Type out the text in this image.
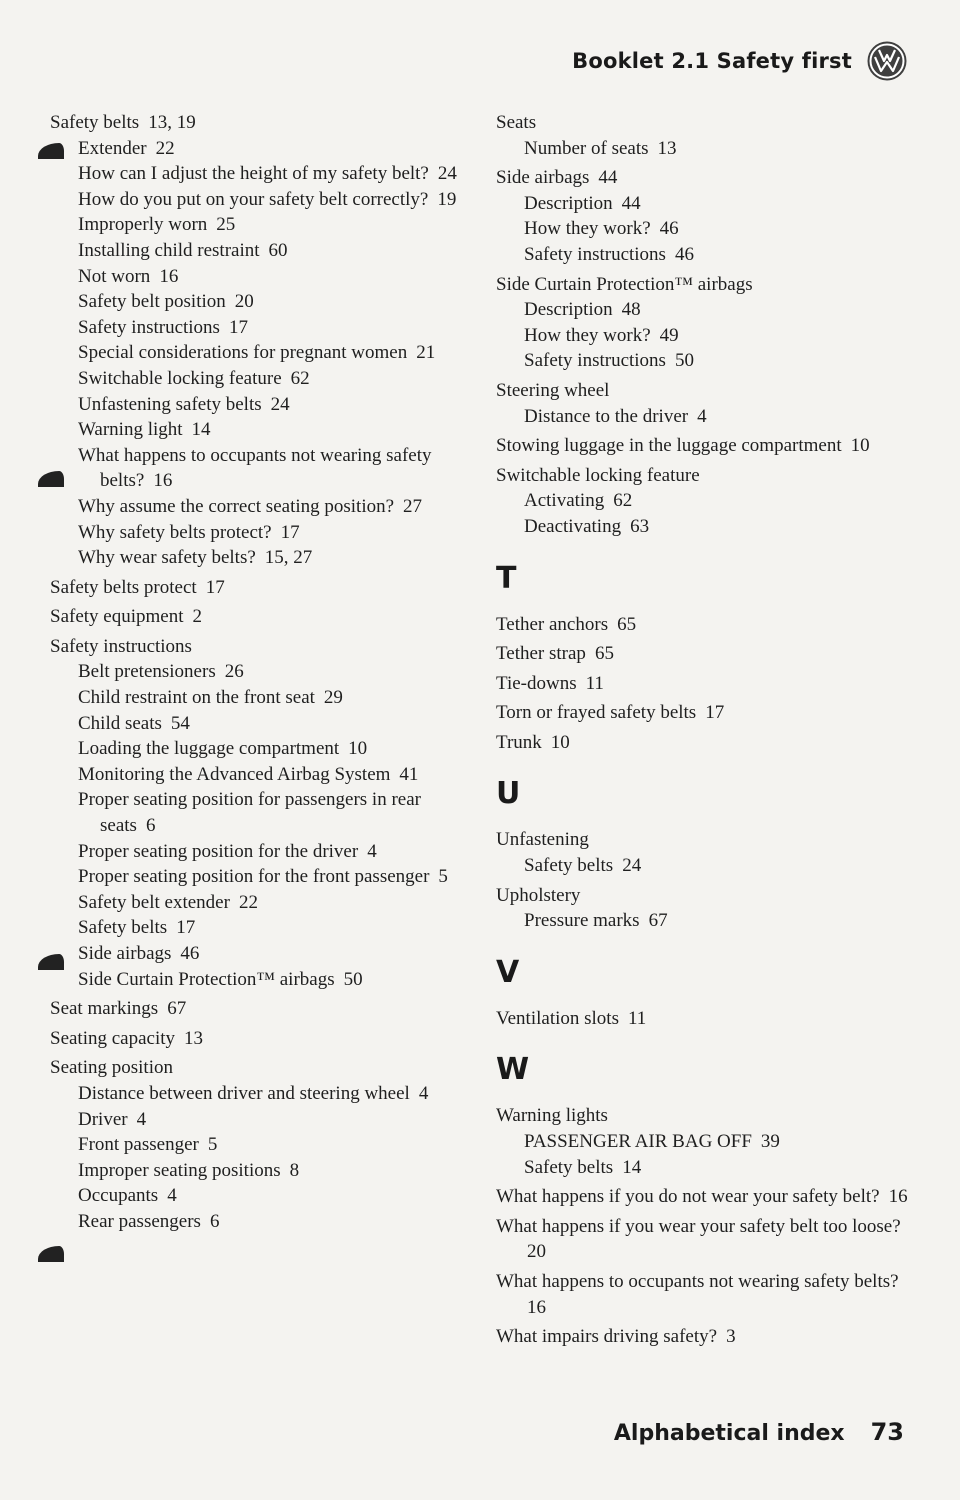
Booklet 2.1 Safety first
Safety belts 13, 19
Extender 22
How can I adjust the height of my safety belt? 24
How do you put on your safety belt correctly? 19
Improperly worn 25
Installing child restraint 60
Not worn 16
Safety belt position 20
Safety instructions 17
Special considerations for pregnant women 21
Switchable locking feature 62
Unfastening safety belts 24
Warning light 14
What happens to occupants not wearing safety belts? 16
Why assume the correct seating position? 27
Why safety belts protect? 17
Why wear safety belts? 15, 27
Safety belts protect 17
Safety equipment 2
Safety instructions
Belt pretensioners 26
Child restraint on the front seat 29
Child seats 54
Loading the luggage compartment 10
Monitoring the Advanced Airbag System 41
Proper seating position for passengers in rear seats 6
Proper seating position for the driver 4
Proper seating position for the front passenger 5
Safety belt extender 22
Safety belts 17
Side airbags 46
Side Curtain Protection™ airbags 50
Seat markings 67
Seating capacity 13
Seating position
Distance between driver and steering wheel 4
Driver 4
Front passenger 5
Improper seating positions 8
Occupants 4
Rear passengers 6
Seats
Number of seats 13
Side airbags 44
Description 44
How they work? 46
Safety instructions 46
Side Curtain Protection™ airbags
Description 48
How they work? 49
Safety instructions 50
Steering wheel
Distance to the driver 4
Stowing luggage in the luggage compartment 10
Switchable locking feature
Activating 62
Deactivating 63
T
Tether anchors 65
Tether strap 65
Tie-downs 11
Torn or frayed safety belts 17
Trunk 10
U
Unfastening
Safety belts 24
Upholstery
Pressure marks 67
V
Ventilation slots 11
W
Warning lights
PASSENGER AIR BAG OFF 39
Safety belts 14
What happens if you do not wear your safety belt? 16
What happens if you wear your safety belt too loose?20
What happens to occupants not wearing safety belts?16
What impairs driving safety? 3
Alphabetical index 73
